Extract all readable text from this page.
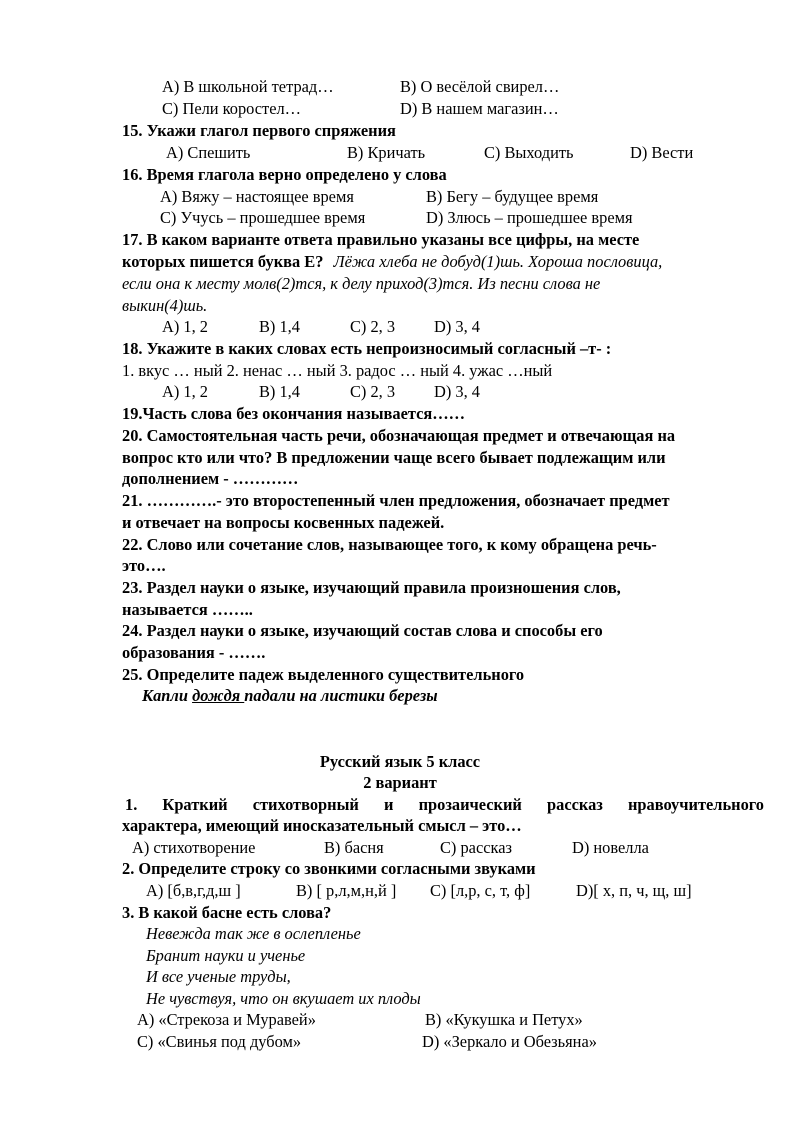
A) В школьной тетрад…	B) О весёлой свирел…
C) Пели коростел…	D) В нашем магазин…
15. Укажи глагол первого спряжения
A) Спешить	B) Кричать	C) Выходить	D) Вести
16. Время глагола верно определено у слова
A) Вяжу – настоящее время	B) Бегу – будущее время
C) Учусь – прошедшее время	D) Злюсь – прошедшее время
17. В каком варианте ответа правильно указаны все цифры, на месте
которых пишется буква Е? Лёжа хлеба не добуд(1)шь. Хороша пословица,
если она к месту молв(2)тся, к делу приход(3)тся. Из песни слова не
выкин(4)шь.
A) 1, 2	B) 1,4	C) 2, 3 D) 3, 4
18. Укажите в каких словах есть непроизносимый согласный –т- :
1. вкус … ный 2. ненас … ный 3. радос … ный 4. ужас …ный
A) 1, 2	B) 1,4	C) 2, 3 D) 3, 4
19.Часть слова без окончания называется……
20. Самостоятельная часть речи, обозначающая предмет и отвечающая на
вопрос кто или что? В предложении чаще всего бывает подлежащим или
дополнением - …………
21. ………….- это второстепенный член предложения, обозначает предмет
и отвечает на вопросы косвенных падежей.
22. Слово или сочетание слов, называющее того, к кому обращена речь-
это….
23. Раздел науки о языке, изучающий правила произношения слов,
называется ……..
24. Раздел науки о языке, изучающий состав слова и способы его
образования - …….
25. Определите падеж выделенного существительного
Капли дождя падали на листики березы
Русский язык 5 класс
2 вариант
1. Краткий стихотворный и прозаический рассказ нравоучительного
характера, имеющий иносказательный смысл – это…
A) стихотворение	B) басня	C) рассказ	D) новелла
2. Определите строку со звонкими согласными звуками
A) [б,в,г,д,ш ]	B) [ р,л,м,н,й ] C) [л,р, с, т, ф]	D)[ х, п, ч, щ, ш]
3. В какой басне есть слова?
Невежда так же в ослепленье
Бранит науки и ученье
И все ученые труды,
Не чувствуя, что он вкушает их плоды
A) «Стрекоза и Муравей»	B) «Кукушка и Петух»
C) «Свинья под дубом»	D) «Зеркало и Обезьяна»
